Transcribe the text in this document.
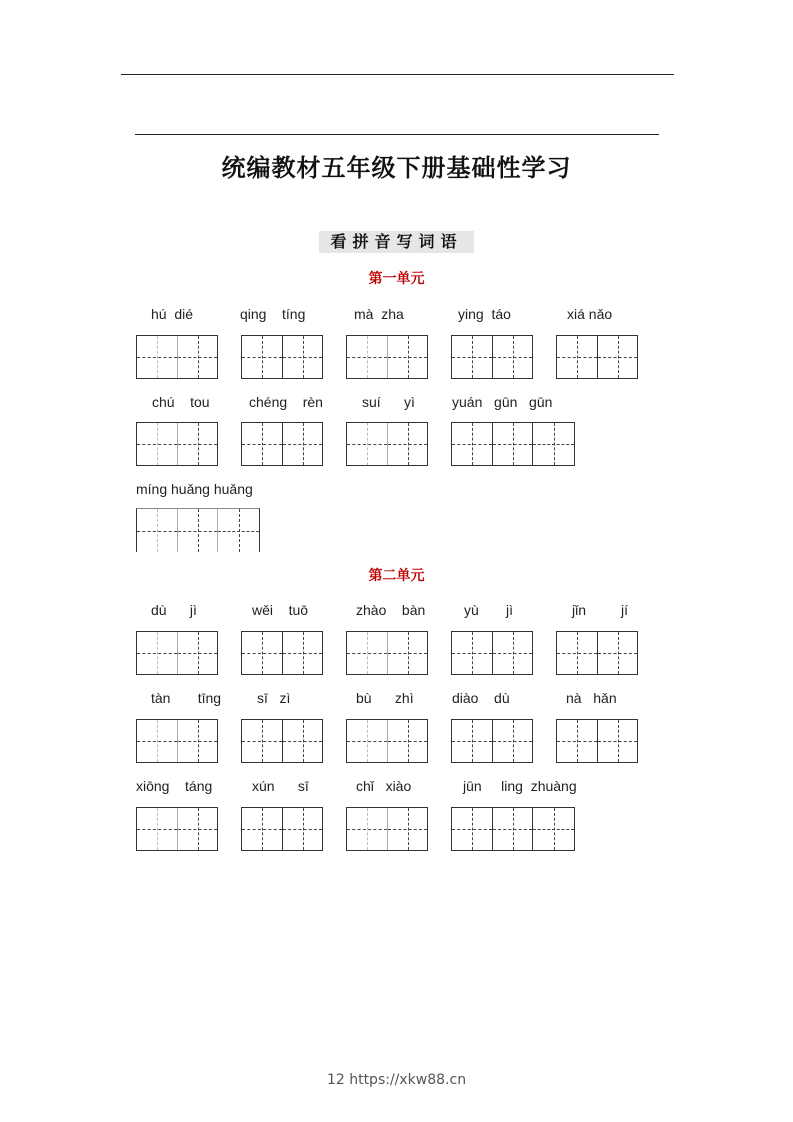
统编教材五年级下册基础性学习
看拼音写词语
第一单元
hú  dié	qing    tíng	mà  zha	ying  táo	xiá nǎo
chú    tou	chéng    rèn	suí      yì	yuán   gūn   gūn
míng huǎng huǎng
第二单元
dù      jì	wěi    tuō	zhào    bàn	yù       jì	jǐn         jí
tàn       tīng	sī   zì	bù      zhì	diào    dù	nà   hǎn
xiōng    táng	xún      sī	chǐ   xiào	jūn     ling  zhuàng
12 https://xkw88.cn
